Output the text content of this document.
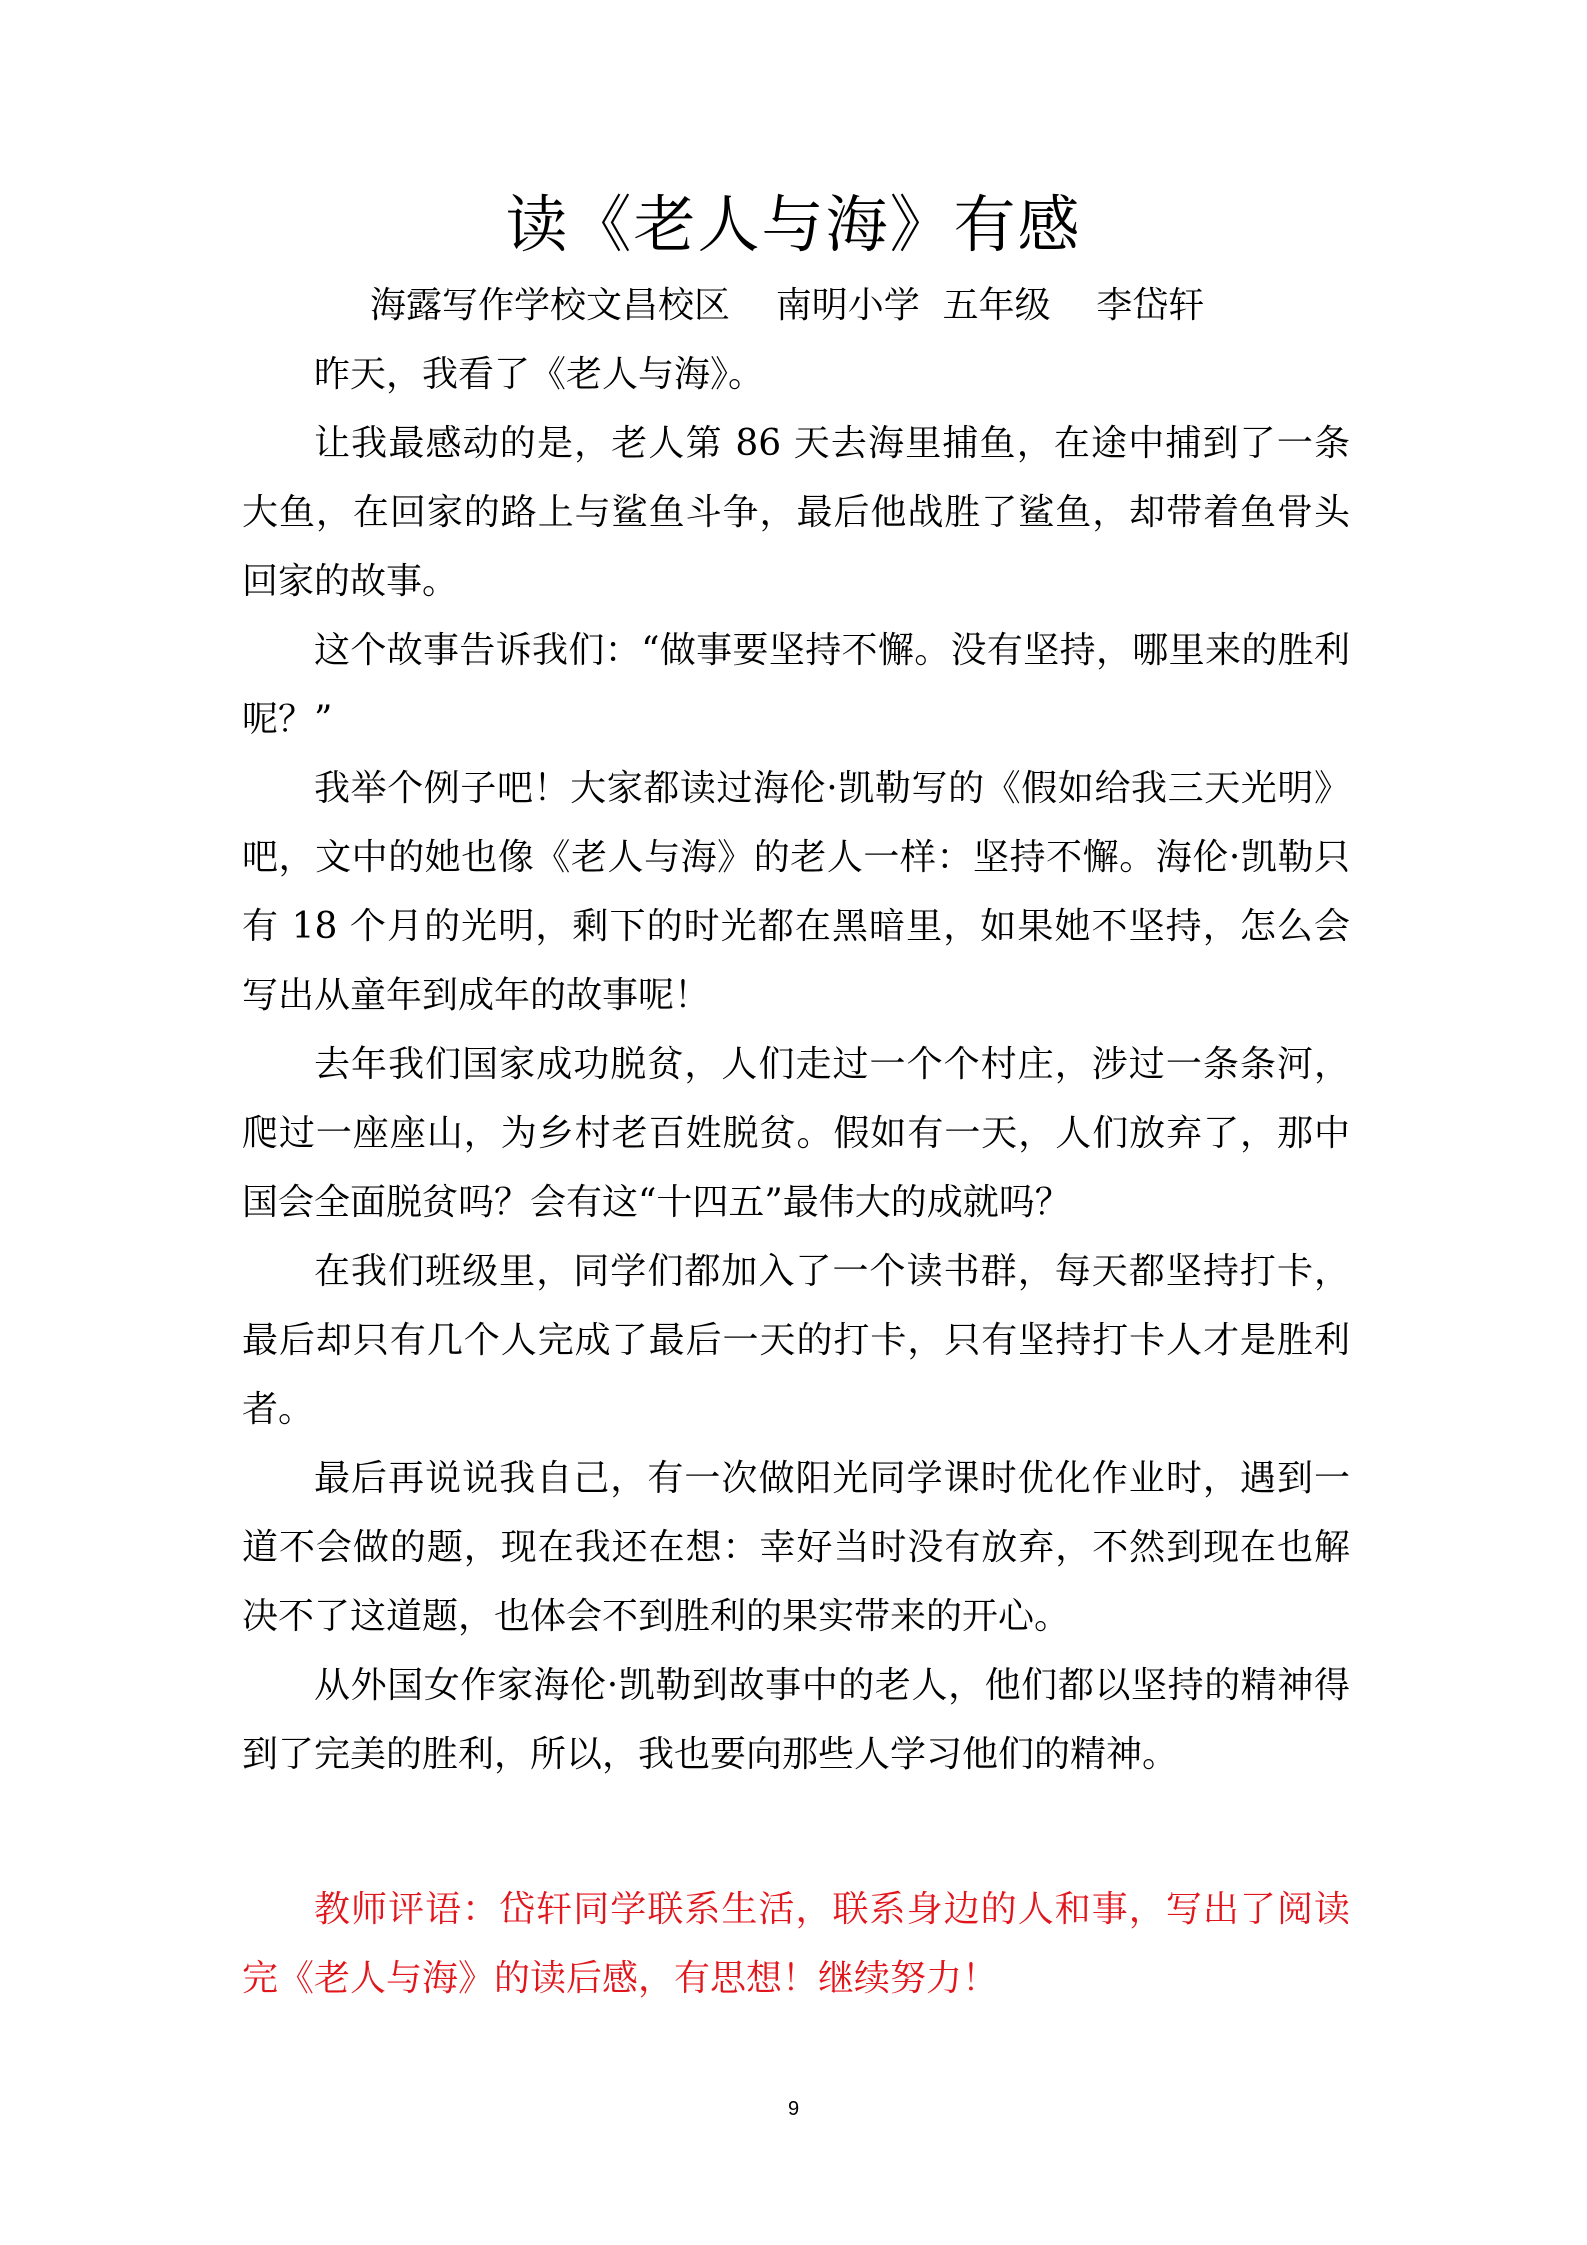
读《老人与海》有感
海露写作学校文昌校区    南明小学  五年级    李岱轩

昨天，我看了《老人与海》。

让我最感动的是，老人第 86 天去海里捕鱼，在途中捕到了一条大鱼，在回家的路上与鲨鱼斗争，最后他战胜了鲨鱼，却带着鱼骨头回家的故事。

这个故事告诉我们：“做事要坚持不懈。没有坚持，哪里来的胜利呢？”

我举个例子吧！大家都读过海伦·凯勒写的《假如给我三天光明》吧，文中的她也像《老人与海》的老人一样：坚持不懈。海伦·凯勒只有 18 个月的光明，剩下的时光都在黑暗里，如果她不坚持，怎么会写出从童年到成年的故事呢！

去年我们国家成功脱贫，人们走过一个个村庄，涉过一条条河，爬过一座座山，为乡村老百姓脱贫。假如有一天，人们放弃了，那中国会全面脱贫吗？会有这“十四五”最伟大的成就吗？

在我们班级里，同学们都加入了一个读书群，每天都坚持打卡，最后却只有几个人完成了最后一天的打卡，只有坚持打卡人才是胜利者。

最后再说说我自己，有一次做阳光同学课时优化作业时，遇到一道不会做的题，现在我还在想：幸好当时没有放弃，不然到现在也解决不了这道题，也体会不到胜利的果实带来的开心。

从外国女作家海伦·凯勒到故事中的老人，他们都以坚持的精神得到了完美的胜利，所以，我也要向那些人学习他们的精神。

教师评语：岱轩同学联系生活，联系身边的人和事，写出了阅读完《老人与海》的读后感，有思想！继续努力！
9
